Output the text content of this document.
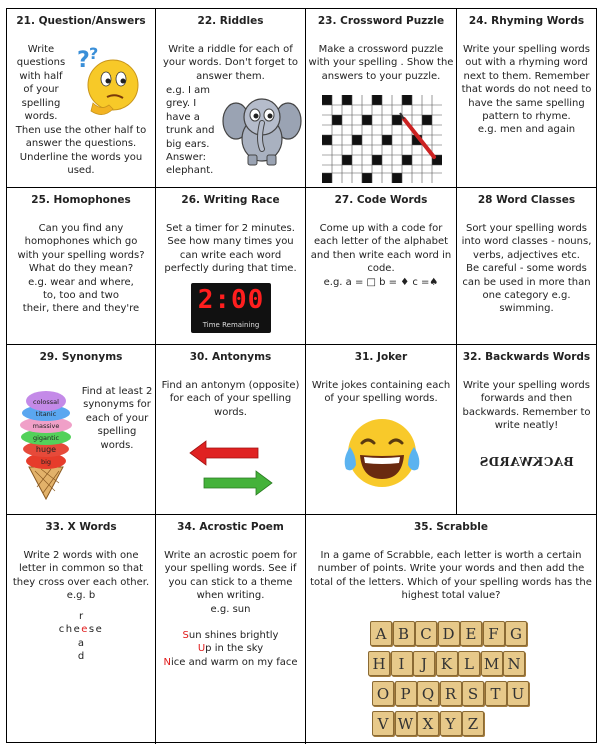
21. Question/Answers
Write
questions
with half
of your
spelling
words.
? ?
Then use the other half to
answer the questions.
Underline the words you
used.
22. Riddles
Write a riddle for each of
your words. Don't forget to
answer them.
e.g. I am
grey. I
have a
trunk and
big ears.
Answer:
elephant.
23. Crossword Puzzle
Make a crossword puzzle
with your spelling . Show the
answers to your puzzle.
24. Rhyming Words
Write your spelling words
out with a rhyming word
next to them. Remember
that words do not need to
have the same spelling
pattern to rhyme.
e.g. men and again
25. Homophones
Can you find any
homophones which go
with your spelling words?
What do they mean?
e.g. wear and where,
to, too and two
their, there and they're
26. Writing Race
Set a timer for 2 minutes.
See how many times you
can write each word
perfectly during that time.
2:00
Time Remaining
27. Code Words
Come up with a code for
each letter of the alphabet
and then write each word in
code.
e.g. a = □ b = ♦ c =♠
28 Word Classes
Sort your spelling words
into word classes - nouns,
verbs, adjectives etc.
Be careful - some words
can be used in more than
one category e.g.
swimming.
29. Synonyms
colossal
titanic
massive
gigantic
huge
big
Find at least 2
synonyms for
each of your
spelling
words.
30. Antonyms
Find an antonym (opposite)
for each of your spelling
words.
31. Joker
Write jokes containing each
of your spelling words.
32. Backwards Words
Write your spelling words
forwards and then
backwards. Remember to
write neatly!
BACKWARDS
33. X Words
Write 2 words with one
letter in common so that
they cross over each other.
e.g. b
r
cheese
a
d
34. Acrostic Poem
Write an acrostic poem for
your spelling words. See if
you can stick to a theme
when writing.
e.g. sun
Sun shines brightly
Up in the sky
Nice and warm on my face
35. Scrabble
In a game of Scrabble, each letter is worth a certain
number of points. Write your words and then add the
total of the letters. Which of your spelling words has the
highest total value?
A B C D E F G
H I	J K L M N
O P Q R S T U
V W X Y Z
